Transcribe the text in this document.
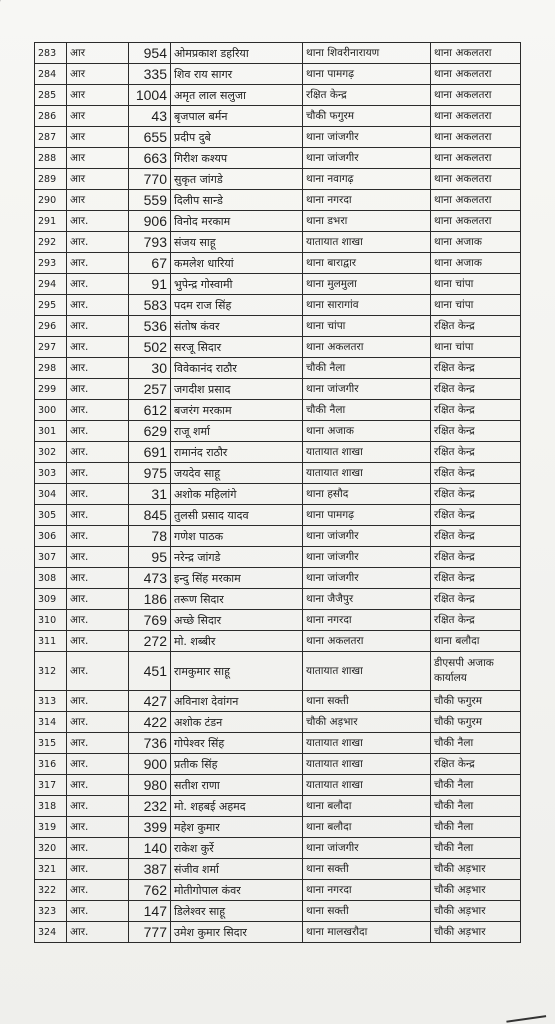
283	आर	954	ओमप्रकाश डहरिया	थाना शिवरीनारायण	थाना अकलतरा
284	आर	335	शिव राय सागर	थाना पामगढ़	थाना अकलतरा
285	आर	1004	अमृत लाल सलुजा	रक्षित केन्द्र	थाना अकलतरा
286	आर	43	बृजपाल बर्मन	चौकी फगुरम	थाना अकलतरा
287	आर	655	प्रदीप दुबे	थाना जांजगीर	थाना अकलतरा
288	आर	663	गिरीश कश्यप	थाना जांजगीर	थाना अकलतरा
289	आर	770	सुकृत जांगडे	थाना नवागढ़	थाना अकलतरा
290	आर	559	दिलीप सान्डे	थाना नगरदा	थाना अकलतरा
291	आर.	906	विनोद मरकाम	थाना डभरा	थाना अकलतरा
292	आर.	793	संजय साहू	यातायात शाखा	थाना अजाक
293	आर.	67	कमलेश धारियां	थाना बाराद्वार	थाना अजाक
294	आर.	91	भुपेन्द्र गोस्वामी	थाना मुलमुला	थाना चांपा
295	आर.	583	पदम राज सिंह	थाना सारागांव	थाना चांपा
296	आर.	536	संतोष कंवर	थाना चांपा	रक्षित केन्द्र
297	आर.	502	सरजू सिदार	थाना अकलतरा	थाना चांपा
298	आर.	30	विवेकानंद राठौर	चौकी नैला	रक्षित केन्द्र
299	आर.	257	जगदीश प्रसाद	थाना जांजगीर	रक्षित केन्द्र
300	आर.	612	बजरंग मरकाम	चौकी नैला	रक्षित केन्द्र
301	आर.	629	राजू शर्मा	थाना अजाक	रक्षित केन्द्र
302	आर.	691	रामानंद राठौर	यातायात शाखा	रक्षित केन्द्र
303	आर.	975	जयदेव साहू	यातायात शाखा	रक्षित केन्द्र
304	आर.	31	अशोक महिलांगे	थाना हसौद	रक्षित केन्द्र
305	आर.	845	तुलसी प्रसाद यादव	थाना पामगढ़	रक्षित केन्द्र
306	आर.	78	गणेश पाठक	थाना जांजगीर	रक्षित केन्द्र
307	आर.	95	नरेन्द्र जांगडे	थाना जांजगीर	रक्षित केन्द्र
308	आर.	473	इन्दु सिंह मरकाम	थाना जांजगीर	रक्षित केन्द्र
309	आर.	186	तरूण सिदार	थाना जैजैपुर	रक्षित केन्द्र
310	आर.	769	अच्छे सिदार	थाना नगरदा	रक्षित केन्द्र
311	आर.	272	मो. शब्बीर	थाना अकलतरा	थाना बलौदा
312	आर.	451	रामकुमार साहू	यातायात शाखा	डीएसपी अजाक
कार्यालय

313	आर.	427	अविनाश देवांगन	थाना सक्ती	चौकी फगुरम
314	आर.	422	अशोक टंडन	चौकी अड़भार	चौकी फगुरम
315	आर.	736	गोपेश्वर सिंह	यातायात शाखा	चौकी नैला
316	आर.	900	प्रतीक सिंह	यातायात शाखा	रक्षित केन्द्र
317	आर.	980	सतीश राणा	यातायात शाखा	चौकी नैला
318	आर.	232	मो. शहबई अहमद	थाना बलौदा	चौकी नैला
319	आर.	399	महेश कुमार	थाना बलौदा	चौकी नैला
320	आर.	140	राकेश कुर्रे	थाना जांजगीर	चौकी नैला
321	आर.	387	संजीव शर्मा	थाना सक्ती	चौकी अड़भार
322	आर.	762	मोतीगोपाल कंवर	थाना नगरदा	चौकी अड़भार
323	आर.	147	डिलेश्वर साहू	थाना सक्ती	चौकी अड़भार
324	आर.	777	उमेश कुमार सिदार	थाना मालखरौदा	चौकी अड़भार
